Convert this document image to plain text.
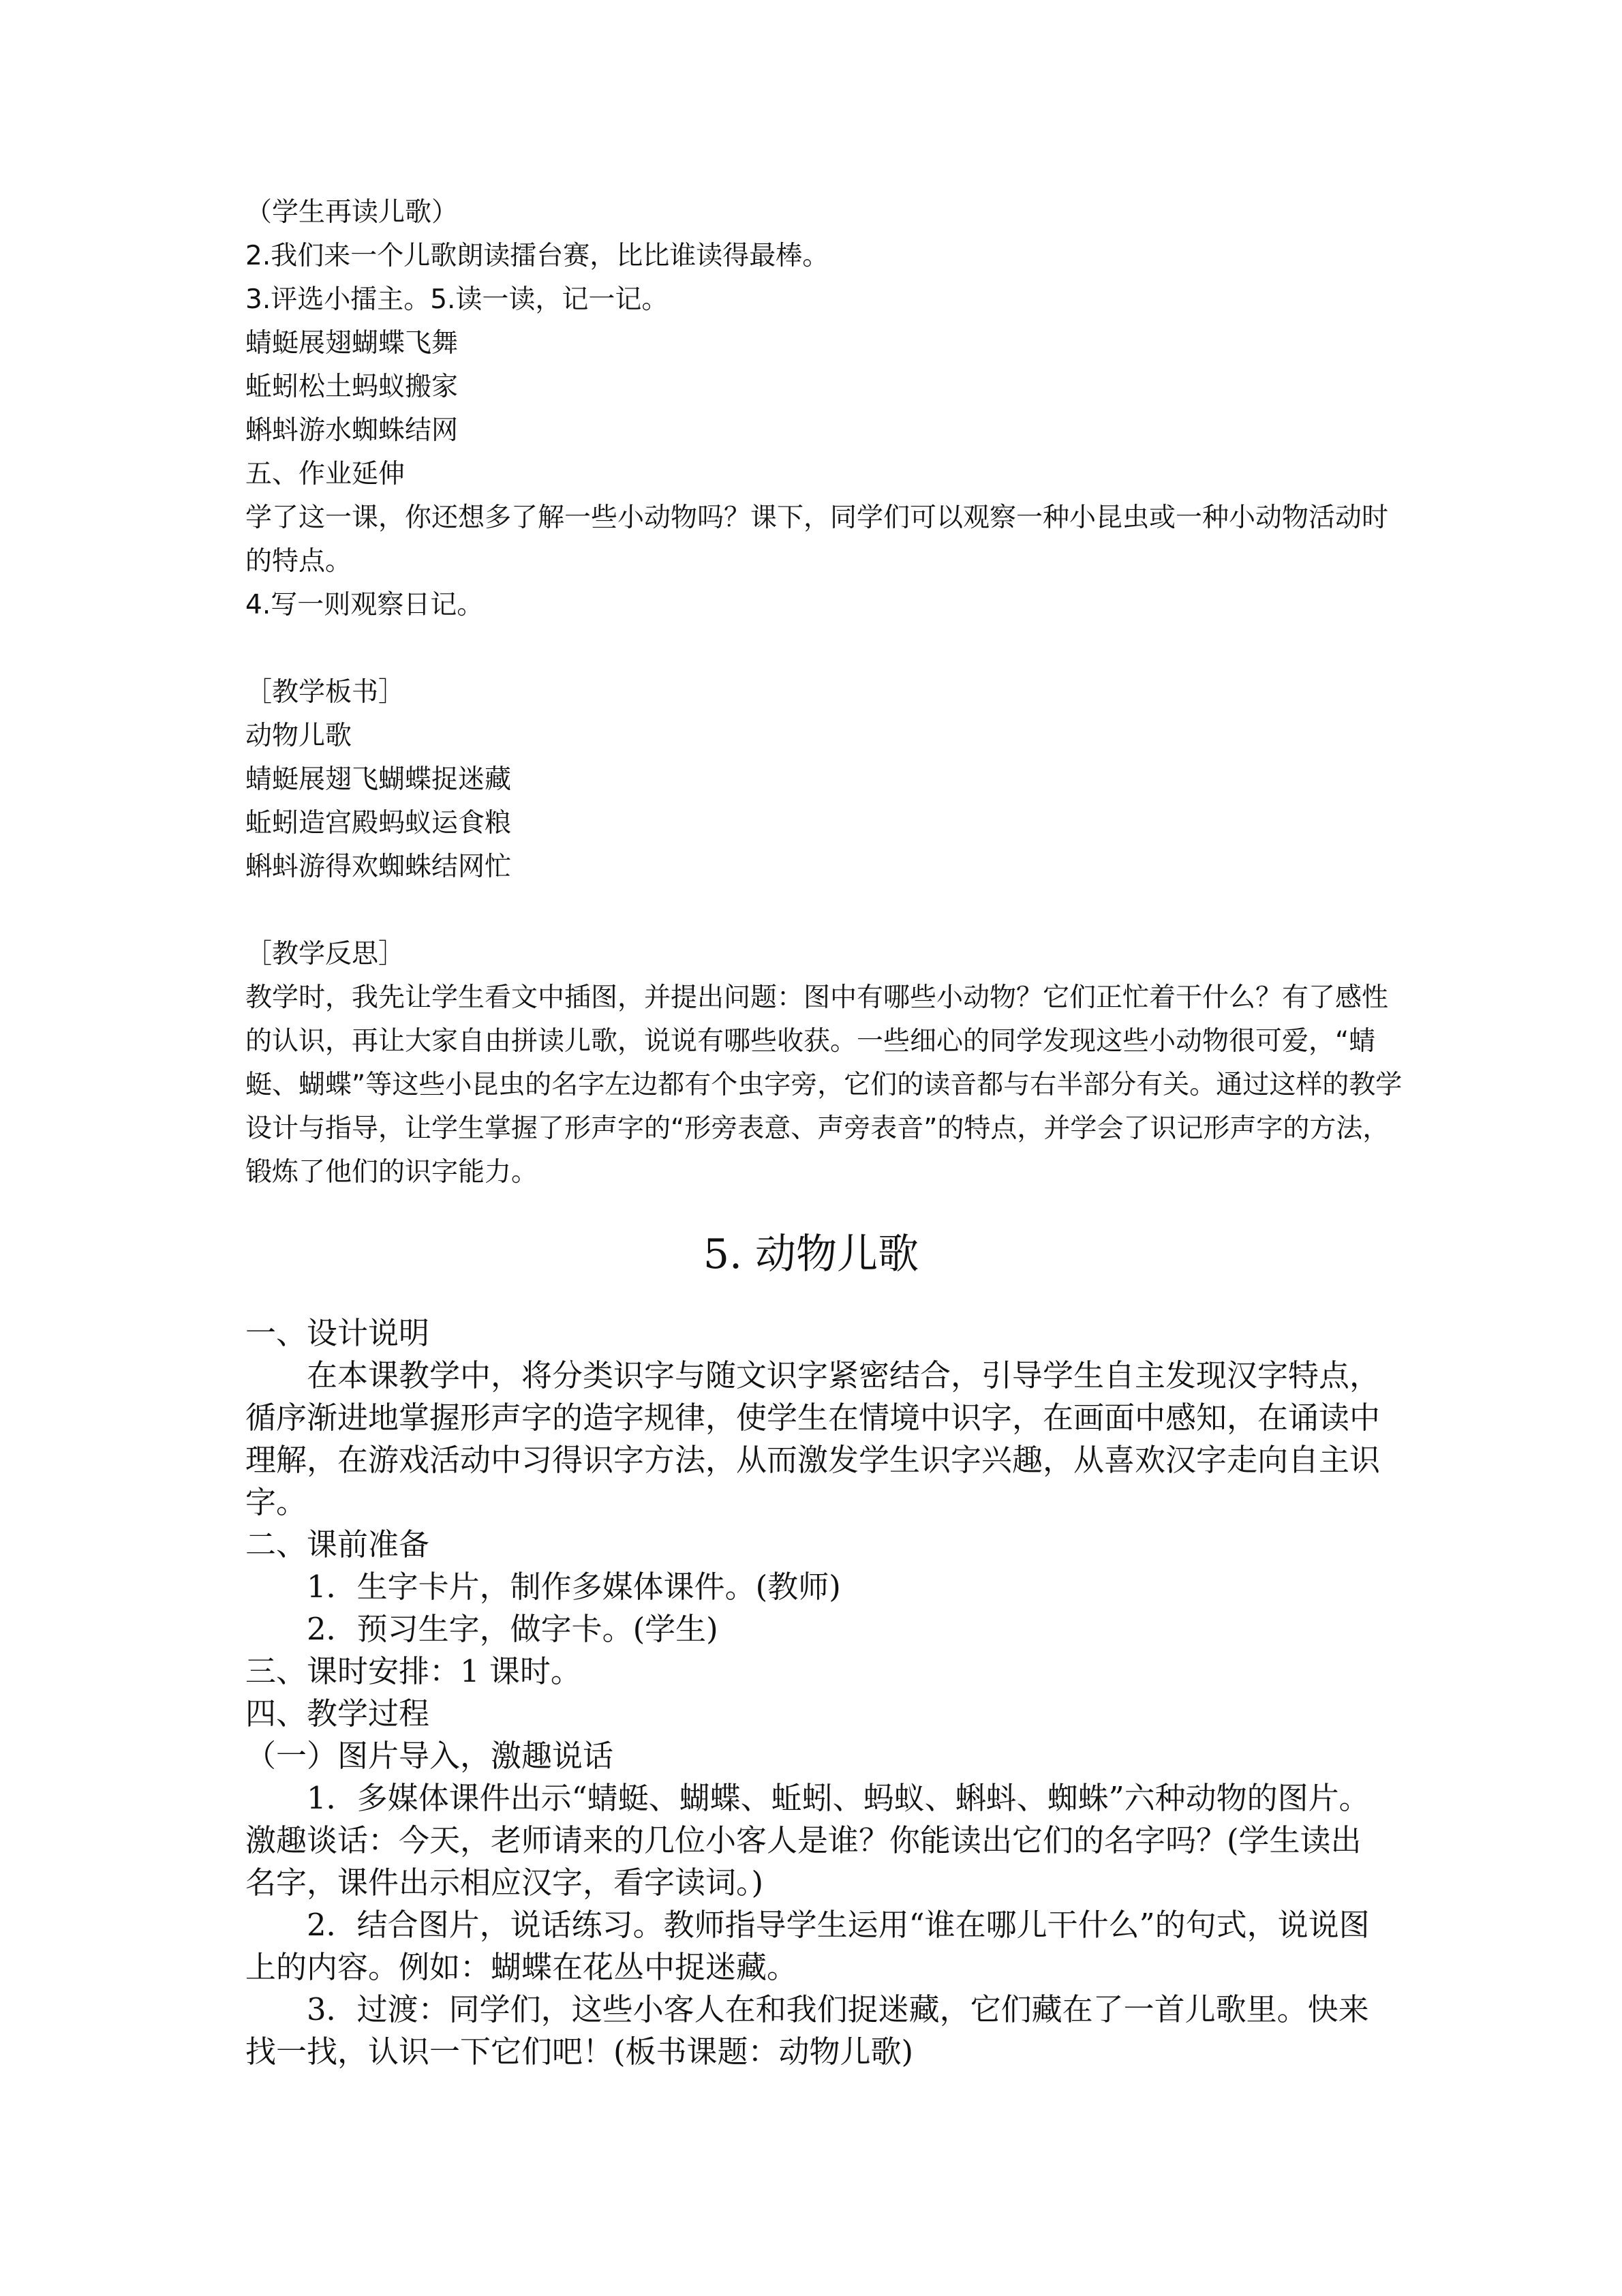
（学生再读儿歌）

2.我们来一个儿歌朗读擂台赛，比比谁读得最棒。

3.评选小擂主。5.读一读，记一记。

蜻蜓展翅蝴蝶飞舞

蚯蚓松土蚂蚁搬家

蝌蚪游水蜘蛛结网

五、作业延伸

学了这一课，你还想多了解一些小动物吗？课下，同学们可以观察一种小昆虫或一种小动物活动时的特点。

4.写一则观察日记。

［教学板书］

动物儿歌

蜻蜓展翅飞蝴蝶捉迷藏

蚯蚓造宫殿蚂蚁运食粮

蝌蚪游得欢蜘蛛结网忙

［教学反思］

教学时，我先让学生看文中插图，并提出问题：图中有哪些小动物？它们正忙着干什么？有了感性的认识，再让大家自由拼读儿歌，说说有哪些收获。一些细心的同学发现这些小动物很可爱，“蜻蜓、蝴蝶”等这些小昆虫的名字左边都有个虫字旁，它们的读音都与右半部分有关。通过这样的教学设计与指导，让学生掌握了形声字的“形旁表意、声旁表音”的特点，并学会了识记形声字的方法，锻炼了他们的识字能力。

5. 动物儿歌

一、设计说明

在本课教学中，将分类识字与随文识字紧密结合，引导学生自主发现汉字特点，循序渐进地掌握形声字的造字规律，使学生在情境中识字，在画面中感知，在诵读中理解，在游戏活动中习得识字方法，从而激发学生识字兴趣，从喜欢汉字走向自主识字。

二、课前准备

1．生字卡片，制作多媒体课件。(教师)

2．预习生字，做字卡。(学生)

三、课时安排：1 课时。

四、教学过程

（一）图片导入，激趣说话

1．多媒体课件出示“蜻蜓、蝴蝶、蚯蚓、蚂蚁、蝌蚪、蜘蛛”六种动物的图片。激趣谈话：今天，老师请来的几位小客人是谁？你能读出它们的名字吗？(学生读出名字，课件出示相应汉字，看字读词。)

2．结合图片，说话练习。教师指导学生运用“谁在哪儿干什么”的句式，说说图上的内容。例如：蝴蝶在花丛中捉迷藏。

3．过渡：同学们，这些小客人在和我们捉迷藏，它们藏在了一首儿歌里。快来找一找，认识一下它们吧！(板书课题：动物儿歌)
